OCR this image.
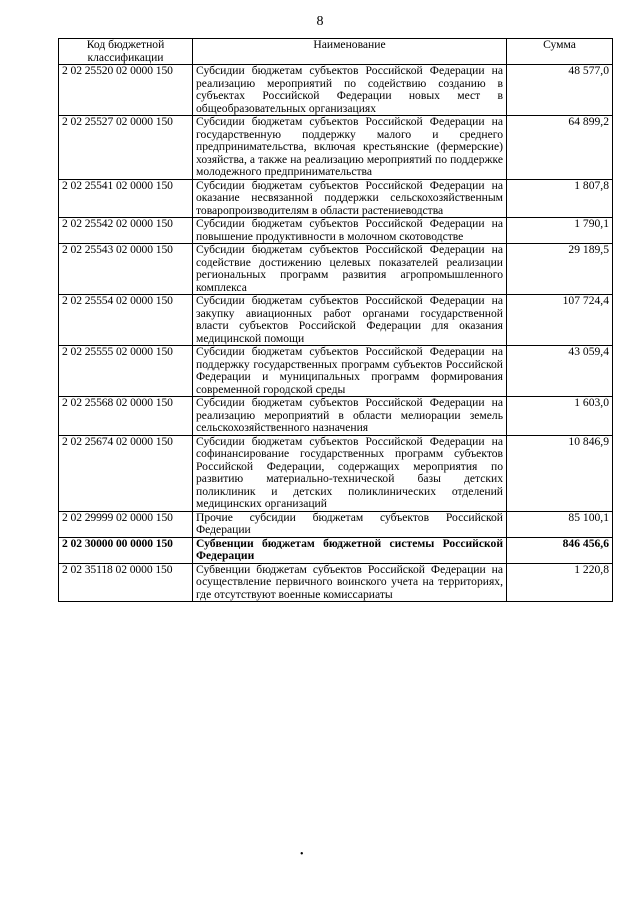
8
Код бюджетной классификации	Наименование	Сумма
2 02 25520 02 0000 150	Субсидии бюджетам субъектов Российской Федерации на реализацию мероприятий по содействию созданию в субъектах Российской Федерации новых мест в общеобразовательных организациях	48 577,0
2 02 25527 02 0000 150	Субсидии бюджетам субъектов Российской Федерации на государственную поддержку малого и среднего предпринимательства, включая крестьянские (фермерские) хозяйства, а также на реализацию мероприятий по поддержке молодежного предпринимательства	64 899,2
2 02 25541 02 0000 150	Субсидии бюджетам субъектов Российской Федерации на оказание несвязанной поддержки сельскохозяйственным товаропроизводителям в области растениеводства	1 807,8
2 02 25542 02 0000 150	Субсидии бюджетам субъектов Российской Федерации на повышение продуктивности в молочном скотоводстве	1 790,1
2 02 25543 02 0000 150	Субсидии бюджетам субъектов Российской Федерации на содействие достижению целевых показателей реализации региональных программ развития агропромышленного комплекса	29 189,5
2 02 25554 02 0000 150	Субсидии бюджетам субъектов Российской Федерации на закупку авиационных работ органами государственной власти субъектов Российской Федерации для оказания медицинской помощи	107 724,4
2 02 25555 02 0000 150	Субсидии бюджетам субъектов Российской Федерации на поддержку государственных программ субъектов Российской Федерации и муниципальных программ формирования современной городской среды	43 059,4
2 02 25568 02 0000 150	Субсидии бюджетам субъектов Российской Федерации на реализацию мероприятий в области мелиорации земель сельскохозяйственного назначения	1 603,0
2 02 25674 02 0000 150	Субсидии бюджетам субъектов Российской Федерации на софинансирование государственных программ субъектов Российской Федерации, содержащих мероприятия по развитию материально-технической базы детских поликлиник и детских поликлинических отделений медицинских организаций	10 846,9
2 02 29999 02 0000 150	Прочие субсидии бюджетам субъектов Российской Федерации	85 100,1
2 02 30000 00 0000 150	Субвенции бюджетам бюджетной системы Российской Федерации	846 456,6
2 02 35118 02 0000 150	Субвенции бюджетам субъектов Российской Федерации на осуществление первичного воинского учета на территориях, где отсутствуют военные комиссариаты	1 220,8
•
